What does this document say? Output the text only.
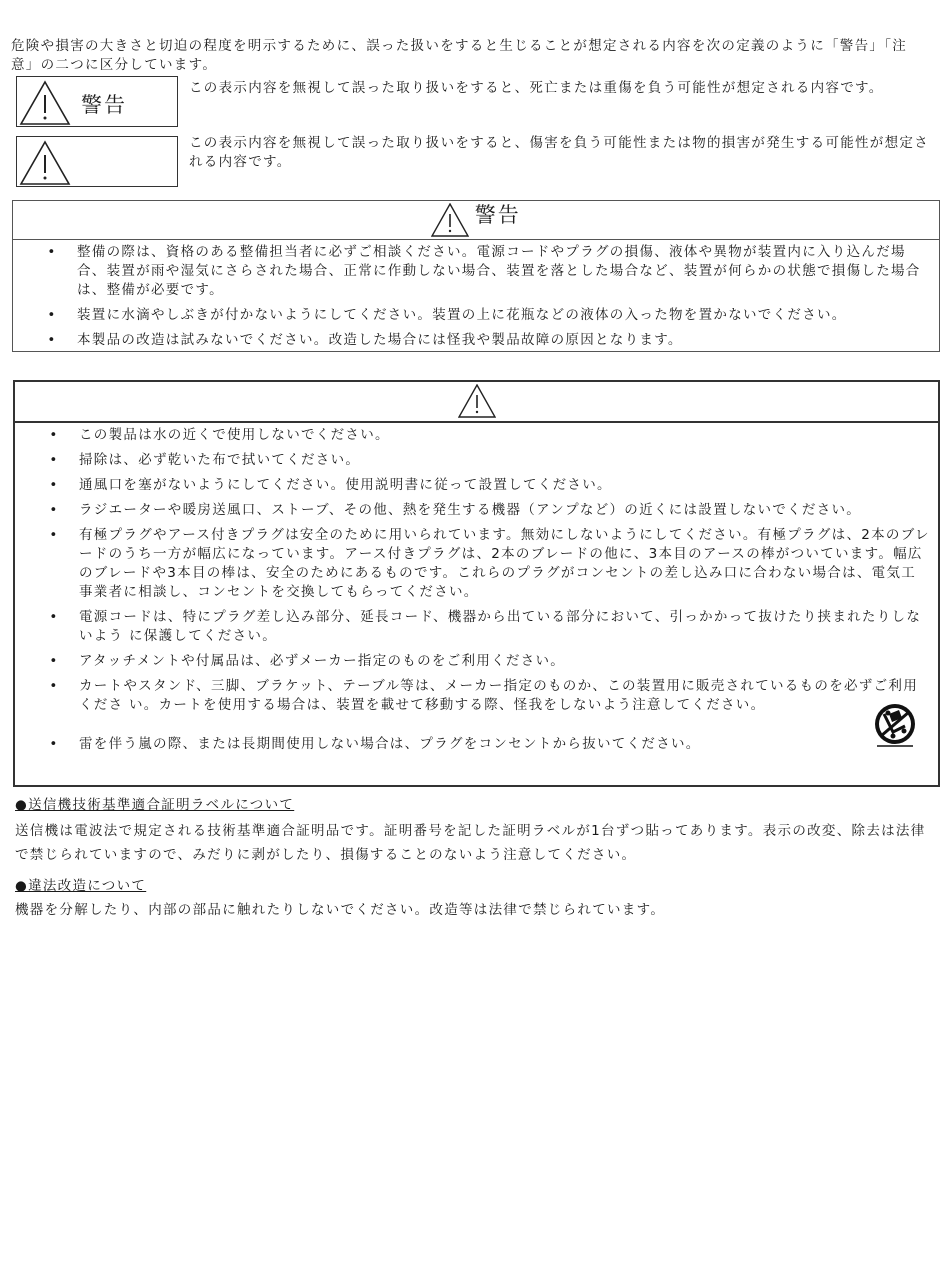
危険や損害の大きさと切迫の程度を明示するために、誤った扱いをすると生じることが想定される内容を次の定義のように「警告」「注意」の二つに区分しています。

警告

この表示内容を無視して誤った取り扱いをすると、死亡または重傷を負う可能性が想定される内容です。

この表示内容を無視して誤った取り扱いをすると、傷害を負う可能性または物的損害が発生する可能性が想定される内容です。

警告
• 整備の際は、資格のある整備担当者に必ずご相談ください。電源コードやプラグの損傷、液体や異物が装置内に入り込んだ場 合、装置が雨や湿気にさらされた場合、正常に作動しない場合、装置を落とした場合など、装置が何らかの状態で損傷した場合は、整備が必要です。
• 装置に水滴やしぶきが付かないようにしてください。装置の上に花瓶などの液体の入った物を置かないでください。
• 本製品の改造は試みないでください。改造した場合には怪我や製品故障の原因となります。
• この製品は水の近くで使用しないでください。
• 掃除は、必ず乾いた布で拭いてください。
• 通風口を塞がないようにしてください。使用説明書に従って設置してください。
• ラジエーターや暖房送風口、ストーブ、その他、熱を発生する機器（アンプなど）の近くには設置しないでください。
• 有極プラグやアース付きプラグは安全のために用いられています。無効にしないようにしてください。有極プラグは、2本のブレードのうち一方が幅広になっています。アース付きプラグは、2本のブレードの他に、3本目のアースの棒がついています。幅広のブレードや3本目の棒は、安全のためにあるものです。これらのプラグがコンセントの差し込み口に合わない場合は、電気工事業者に相談し、コンセントを交換してもらってください。
• 電源コードは、特にプラグ差し込み部分、延長コード、機器から出ている部分において、引っかかって抜けたり挟まれたりしないよう に保護してください。
• アタッチメントや付属品は、必ずメーカー指定のものをご利用ください。
• カートやスタンド、三脚、ブラケット、テーブル等は、メーカー指定のものか、この装置用に販売されているものを必ずご利用くださ い。カートを使用する場合は、装置を載せて移動する際、怪我をしないよう注意してください。
• 雷を伴う嵐の際、または長期間使用しない場合は、プラグをコンセントから抜いてください。

●送信機技術基準適合証明ラベルについて

送信機は電波法で規定される技術基準適合証明品です。証明番号を記した証明ラベルが1台ずつ貼ってあります。表示の改変、除去は法律で禁じられていますので、みだりに剥がしたり、損傷することのないよう注意してください。

●違法改造について

機器を分解したり、内部の部品に触れたりしないでください。改造等は法律で禁じられています。
